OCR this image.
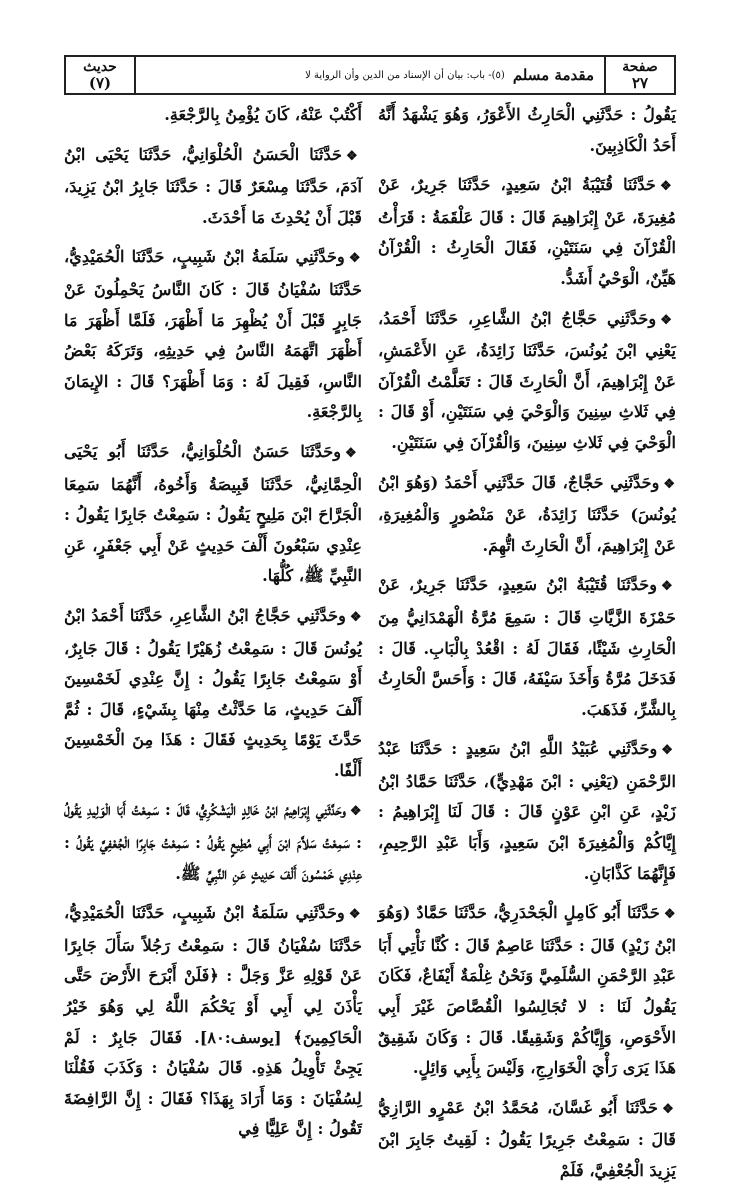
صفحة
٢٧
مقدمة مسلم
(٥)- باب: بيان أن الإسناد من الدين وأن الرواية لا
حديث
(٧)

يَقُولُ : حَدَّثَنِي الْحَارِثُ الأَعْوَرُ، وَهُوَ يَشْهَدُ أَنَّهُ أَحَدُ الْكَاذِبِينَ.

❖حَدَّثَنَا قُتَيْبَةُ ابْنُ سَعِيدٍ، حَدَّثَنَا جَرِيرٌ، عَنْ مُغِيرَةَ، عَنْ إِبْرَاهِيمَ قَالَ : قَالَ عَلْقَمَةُ : قَرَأْتُ الْقُرْآنَ فِي سَنَتَيْنِ، فَقَالَ الْحَارِثُ : الْقُرْآنُ هَيِّنٌ، الْوَحْيُ أَشَدُّ.

❖وحَدَّثَنِي حَجَّاجُ ابْنُ الشَّاعِرِ، حَدَّثَنَا أَحْمَدُ، يَعْنِي ابْنَ يُونُسَ، حَدَّثَنَا زَائِدَةُ، عَنِ الأَعْمَشِ، عَنْ إِبْرَاهِيمَ، أَنَّ الْحَارِثَ قَالَ : تَعَلَّمْتُ الْقُرْآنَ فِي ثَلاثِ سِنِينَ وَالْوَحْيَ فِي سَنَتَيْنِ، أَوْ قَالَ : الْوَحْيَ فِي ثَلاثِ سِنِينَ، وَالْقُرْآنَ فِي سَنَتَيْنِ.

❖وحَدَّثَنِي حَجَّاجٌ، قَالَ حَدَّثَنِي أَحْمَدُ (وَهُوَ ابْنُ يُونُسَ) حَدَّثَنَا زَائِدَةُ، عَنْ مَنْصُورٍ وَالْمُغِيرَةِ، عَنْ إِبْرَاهِيمَ، أَنَّ الْحَارِثَ اتُّهِمَ.

❖وحَدَّثَنَا قُتَيْبَةُ ابْنُ سَعِيدٍ، حَدَّثَنَا جَرِيرٌ، عَنْ حَمْزَةَ الزَّيَّاتِ قَالَ : سَمِعَ مُرَّةُ الْهَمْدَانِيُّ مِنَ الْحَارِثِ شَيْئًا، فَقَالَ لَهُ : اقْعُدْ بِالْبَابِ. قَالَ : فَدَخَلَ مُرَّةُ وَأَخَذَ سَيْفَهُ، قَالَ : وَأَحَسَّ الْحَارِثُ بِالشَّرِّ، فَذَهَبَ.

❖وحَدَّثَنِي عُبَيْدُ اللَّهِ ابْنُ سَعِيدٍ : حَدَّثَنَا عَبْدُ الرَّحْمَنِ (يَعْنِي : ابْنَ مَهْدِيٍّ)، حَدَّثَنَا حَمَّادُ ابْنُ زَيْدٍ، عَنِ ابْنِ عَوْنٍ قَالَ : قَالَ لَنَا إِبْرَاهِيمُ : إِيَّاكُمْ وَالْمُغِيرَةَ ابْنَ سَعِيدٍ، وَأَبَا عَبْدِ الرَّحِيمِ، فَإِنَّهُمَا كَذَّابَانِ.

❖حَدَّثَنَا أَبُو كَامِلٍ الْجَحْدَرِيُّ، حَدَّثَنَا حَمَّادٌ (وَهُوَ ابْنُ زَيْدٍ) قَالَ : حَدَّثَنَا عَاصِمٌ قَالَ : كُنَّا نَأْتِي أَبَا عَبْدِ الرَّحْمَنِ السُّلَمِيَّ وَنَحْنُ غِلْمَةٌ أَيْفَاعٌ، فَكَانَ يَقُولُ لَنَا : لا تُجَالِسُوا الْقُصَّاصَ غَيْرَ أَبِي الأَحْوَصِ، وَإِيَّاكُمْ وَشَقِيقًا. قَالَ : وَكَانَ شَقِيقٌ هَذَا يَرَى رَأْيَ الْخَوَارِجِ، وَلَيْسَ بِأَبِي وَائِلٍ.

❖حَدَّثَنَا أَبُو غَسَّانَ، مُحَمَّدُ ابْنُ عَمْرٍو الرَّازِيُّ قَالَ : سَمِعْتُ جَرِيرًا يَقُولُ : لَقِيتُ جَابِرَ ابْنَ يَزِيدَ الْجُعْفِيَّ، فَلَمْ

أَكْتُبْ عَنْهُ، كَانَ يُؤْمِنُ بِالرَّجْعَةِ.

❖حَدَّثَنَا الْحَسَنُ الْحُلْوَانِيُّ، حَدَّثَنَا يَحْيَى ابْنُ آدَمَ، حَدَّثَنَا مِسْعَرٌ قَالَ : حَدَّثَنَا جَابِرُ ابْنُ يَزِيدَ، قَبْلَ أَنْ يُحْدِثَ مَا أَحْدَثَ.

❖وحَدَّثَنِي سَلَمَةُ ابْنُ شَبِيبٍ، حَدَّثَنَا الْحُمَيْدِيُّ، حَدَّثَنَا سُفْيَانُ قَالَ : كَانَ النَّاسُ يَحْمِلُونَ عَنْ جَابِرٍ قَبْلَ أَنْ يُظْهِرَ مَا أَظْهَرَ، فَلَمَّا أَظْهَرَ مَا أَظْهَرَ اتَّهَمَهُ النَّاسُ فِي حَدِيثِهِ، وَتَرَكَهُ بَعْضُ النَّاسِ، فَقِيلَ لَهُ : وَمَا أَظْهَرَ؟ قَالَ : الإِيمَانَ بِالرَّجْعَةِ.

❖وحَدَّثَنَا حَسَنٌ الْحُلْوَانِيُّ، حَدَّثَنَا أَبُو يَحْيَى الْحِمَّانِيُّ، حَدَّثَنَا قَبِيصَةُ وَأَخُوهُ، أَنَّهُمَا سَمِعَا الْجَرَّاحَ ابْنَ مَلِيحٍ يَقُولُ : سَمِعْتُ جَابِرًا يَقُولُ : عِنْدِي سَبْعُونَ أَلْفَ حَدِيثٍ عَنْ أَبِي جَعْفَرٍ، عَنِ النَّبِيِّ ﷺ، كُلُّهَا.

❖وحَدَّثَنِي حَجَّاجُ ابْنُ الشَّاعِرِ، حَدَّثَنَا أَحْمَدُ ابْنُ يُونُسَ قَالَ : سَمِعْتُ زُهَيْرًا يَقُولُ : قَالَ جَابِرٌ، أَوْ سَمِعْتُ جَابِرًا يَقُولُ : إِنَّ عِنْدِي لَخَمْسِينَ أَلْفَ حَدِيثٍ، مَا حَدَّثْتُ مِنْهَا بِشَيْءٍ، قَالَ : ثُمَّ حَدَّثَ يَوْمًا بِحَدِيثٍ فَقَالَ : هَذَا مِنَ الْخَمْسِينَ أَلْفًا.

❖وحَدَّثَنِي إِبْرَاهِيمُ ابْنُ خَالِدٍ الْيَشْكُرِيُّ، قَالَ : سَمِعْتُ أَبَا الْوَلِيدِ يَقُولُ : سَمِعْتُ سَلاَّمَ ابْنَ أَبِي مُطِيعٍ يَقُولُ : سَمِعْتُ جَابِرًا الْجُعْفِيَّ يَقُولُ : عِنْدِي خَمْسُونَ أَلْفَ حَدِيثٍ عَنِ النَّبِيِّ ﷺ.

❖وحَدَّثَنِي سَلَمَةُ ابْنُ شَبِيبٍ، حَدَّثَنَا الْحُمَيْدِيُّ، حَدَّثَنَا سُفْيَانُ قَالَ : سَمِعْتُ رَجُلاً سَأَلَ جَابِرًا عَنْ قَوْلِهِ عَزَّ وَجَلَّ : ﴿فَلَنْ أَبْرَحَ الأَرْضَ حَتَّى يَأْذَنَ لِي أَبِي أَوْ يَحْكُمَ اللَّهُ لِي وَهُوَ خَيْرُ الْحَاكِمِينَ﴾ [يوسف:٨٠]. فَقَالَ جَابِرٌ : لَمْ يَجِئْ تَأْوِيلُ هَذِهِ. قَالَ سُفْيَانُ : وَكَذَبَ فَقُلْنَا لِسُفْيَانَ : وَمَا أَرَادَ بِهَذَا؟ فَقَالَ : إِنَّ الرَّافِضَةَ تَقُولُ : إِنَّ عَلِيًّا فِي
